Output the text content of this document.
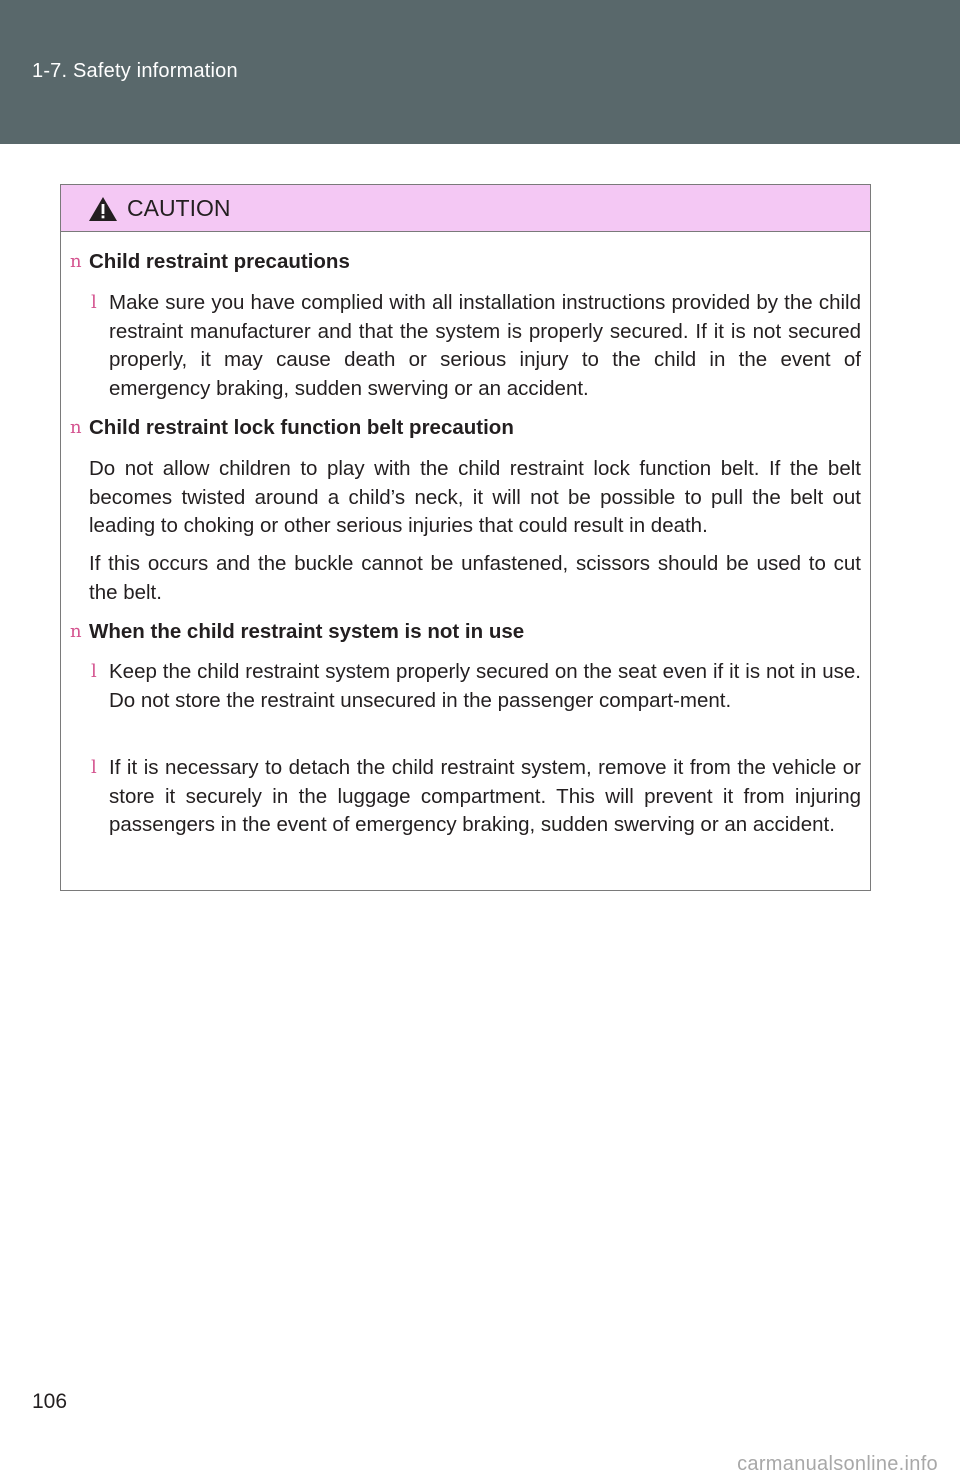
1-7. Safety information
CAUTION
n Child restraint precautions
l Make sure you have complied with all installation instructions provided by the child restraint manufacturer and that the system is properly secured. If it is not secured properly, it may cause death or serious injury to the child in the event of emergency braking, sudden swerving or an accident.
n Child restraint lock function belt precaution
Do not allow children to play with the child restraint lock function belt. If the belt becomes twisted around a child’s neck, it will not be possible to pull the belt out leading to choking or other serious injuries that could result in death.
If this occurs and the buckle cannot be unfastened, scissors should be used to cut the belt.
n When the child restraint system is not in use
l Keep the child restraint system properly secured on the seat even if it is not in use. Do not store the restraint unsecured in the passenger compart-ment.
l If it is necessary to detach the child restraint system, remove it from the vehicle or store it securely in the luggage compartment. This will prevent it from injuring passengers in the event of emergency braking, sudden swerving or an accident.
106
carmanualsonline.info
